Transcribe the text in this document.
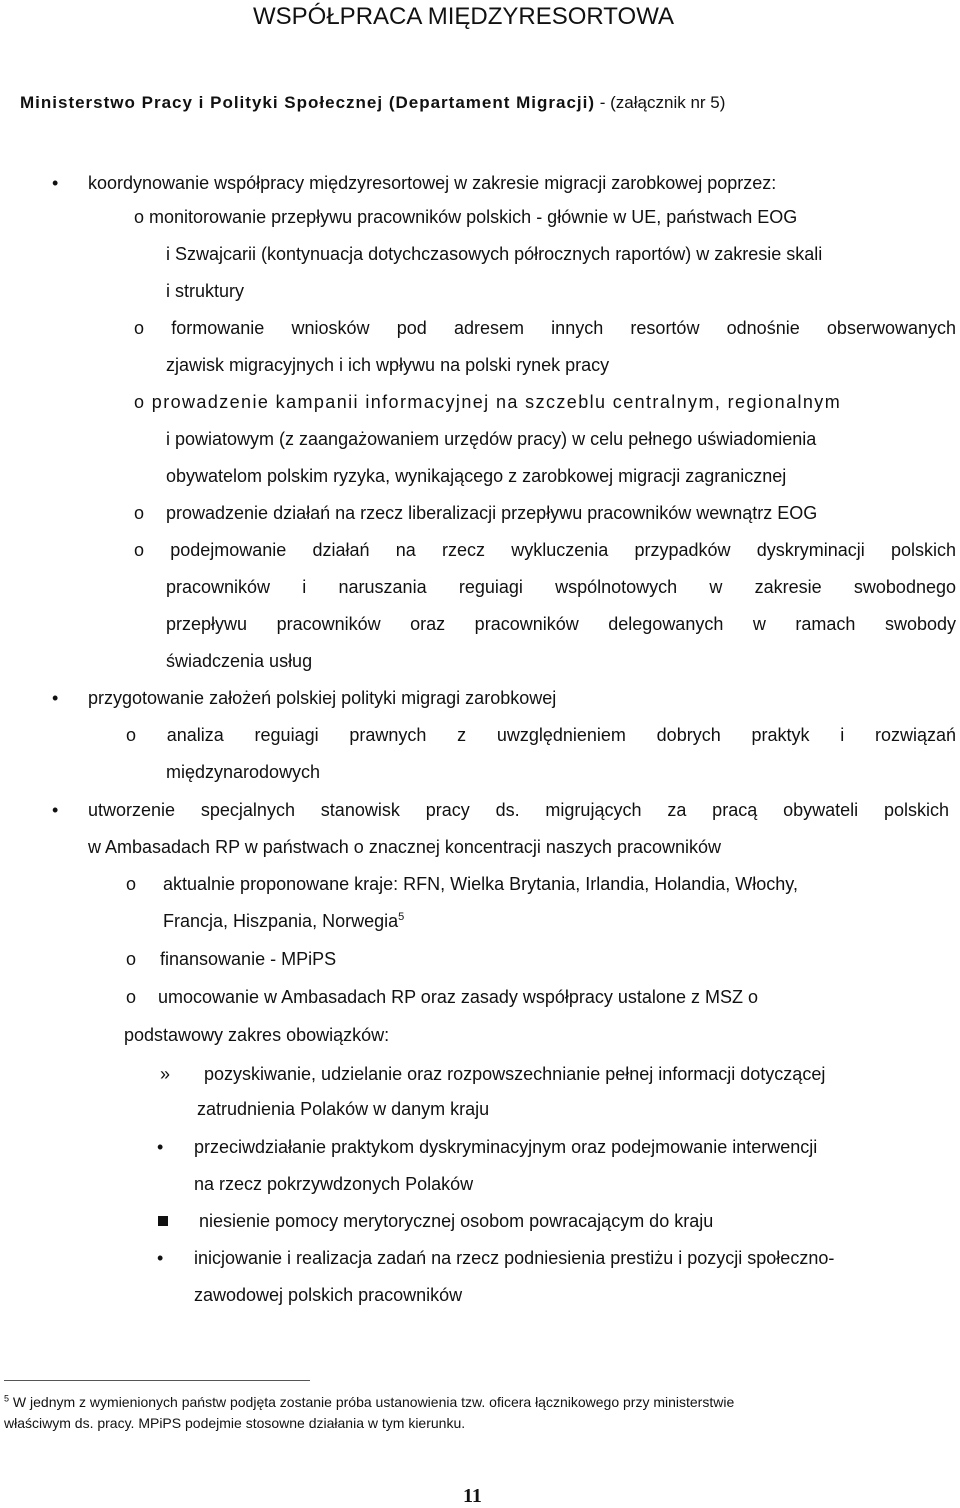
WSPÓŁPRACA MIĘDZYRESORTOWA
Ministerstwo Pracy i Polityki Społecznej (Departament Migracji) - (załącznik nr 5)
• koordynowanie współpracy międzyresortowej w zakresie migracji zarobkowej poprzez:
o monitorowanie przepływu pracowników polskich - głównie w UE, państwach EOG
i Szwajcarii (kontynuacja dotychczasowych półrocznych raportów) w zakresie skali
i struktury
o formowanie wniosków pod adresem innych resortów odnośnie obserwowanych
zjawisk migracyjnych i ich wpływu na polski rynek pracy
o prowadzenie kampanii informacyjnej na szczeblu centralnym, regionalnym
i powiatowym (z zaangażowaniem urzędów pracy) w celu pełnego uświadomienia
obywatelom polskim ryzyka, wynikającego z zarobkowej migracji zagranicznej
o prowadzenie działań na rzecz liberalizacji przepływu pracowników wewnątrz EOG
o podejmowanie działań na rzecz wykluczenia przypadków dyskryminacji polskich
pracowników i naruszania reguiagi wspólnotowych w zakresie swobodnego
przepływu pracowników oraz pracowników delegowanych w ramach swobody
świadczenia usług
• przygotowanie założeń polskiej polityki migragi zarobkowej
o analiza reguiagi prawnych z uwzględnieniem dobrych praktyk i rozwiązań
międzynarodowych
• utworzenie specjalnych stanowisk pracy ds. migrujących za pracą obywateli polskich
w Ambasadach RP w państwach o znacznej koncentracji naszych pracowników
o aktualnie proponowane kraje: RFN, Wielka Brytania, Irlandia, Holandia, Włochy,
Francja, Hiszpania, Norwegia$^5$
o finansowanie - MPiPS
o umocowanie w Ambasadach RP oraz zasady współpracy ustalone z MSZ o
podstawowy zakres obowiązków:
» pozyskiwanie, udzielanie oraz rozpowszechnianie pełnej informacji dotyczącej
zatrudnienia Polaków w danym kraju
• przeciwdziałanie praktykom dyskryminacyjnym oraz podejmowanie interwencji
na rzecz pokrzywdzonych Polaków
niesienie pomocy merytorycznej osobom powracającym do kraju
• inicjowanie i realizacja zadań na rzecz podniesienia prestiżu i pozycji społeczno-
zawodowej polskich pracowników
$^5$ W jednym z wymienionych państw podjęta zostanie próba ustanowienia tzw. oficera łącznikowego przy ministerstwie
właściwym ds. pracy. MPiPS podejmie stosowne działania w tym kierunku.
11
